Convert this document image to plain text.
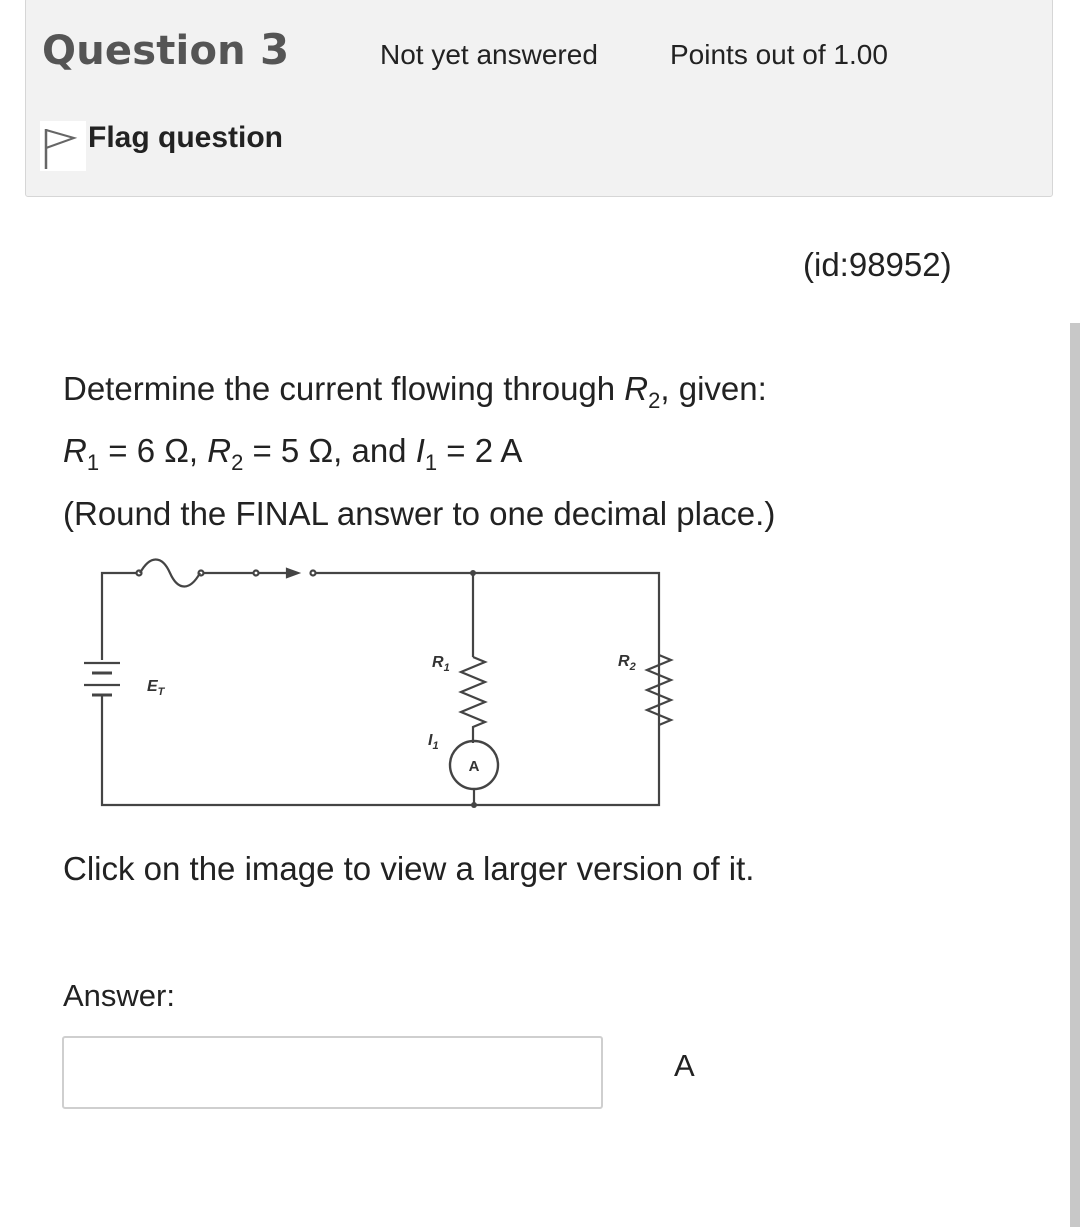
Question 3	Not yet answered	Points out of 1.00
Flag question
(id:98952)
Determine the current flowing through $R_2$, given:
$R_1 = 6$ Ω, $R_2 = 5$ Ω, and $I_1 = 2$ A
(Round the FINAL answer to one decimal place.)
$E_T$
$R_1$	$R_2$
$I_1$
A
Click on the image to view a larger version of it.
Answer:
A
